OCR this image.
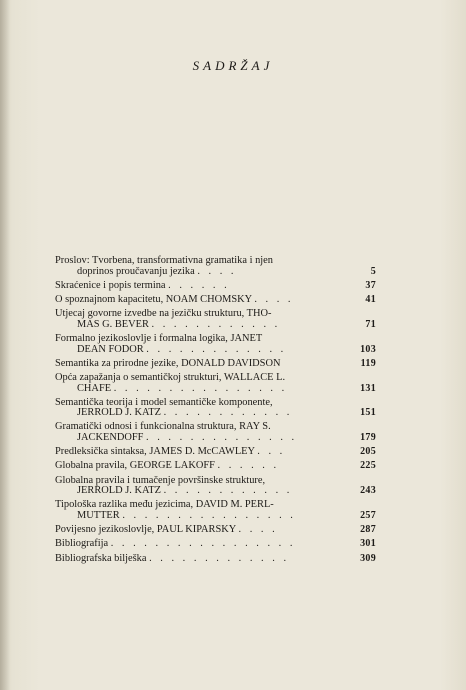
SADRŽAJ
Proslov: Tvorbena, transformativna gramatika i njen
doprinos proučavanju jezika . . . .	5
Skraćenice i popis termina . . . . . .	37
O spoznajnom kapacitetu, NOAM CHOMSKY . . . .	41
Utjecaj govorne izvedbe na jezičku strukturu, THO-
MAS G. BEVER . . . . . . . . . . . .	71
Formalno jezikoslovlje i formalna logika, JANET
DEAN FODOR . . . . . . . . . . . . .	103
Semantika za prirodne jezike, DONALD DAVIDSON	119
Opća zapažanja o semantičkoj strukturi, WALLACE L.
CHAFE . . . . . . . . . . . . . . . .	131
Semantička teorija i model semantičke komponente,
JERROLD J. KATZ . . . . . . . . . . . .	151
Gramatički odnosi i funkcionalna struktura, RAY S.
JACKENDOFF . . . . . . . . . . . . . .	179
Predleksička sintaksa, JAMES D. McCAWLEY . . .	205
Globalna pravila, GEORGE LAKOFF . . . . . .	225
Globalna pravila i tumačenje površinske strukture,
JERROLD J. KATZ . . . . . . . . . . . .	243
Tipološka razlika među jezicima, DAVID M. PERL-
MUTTER . . . . . . . . . . . . . . . .	257
Povijesno jezikoslovlje, PAUL KIPARSKY . . . .	287
Bibliografija . . . . . . . . . . . . . . . . .	301
Bibliografska bilješka . . . . . . . . . . . . .	309
